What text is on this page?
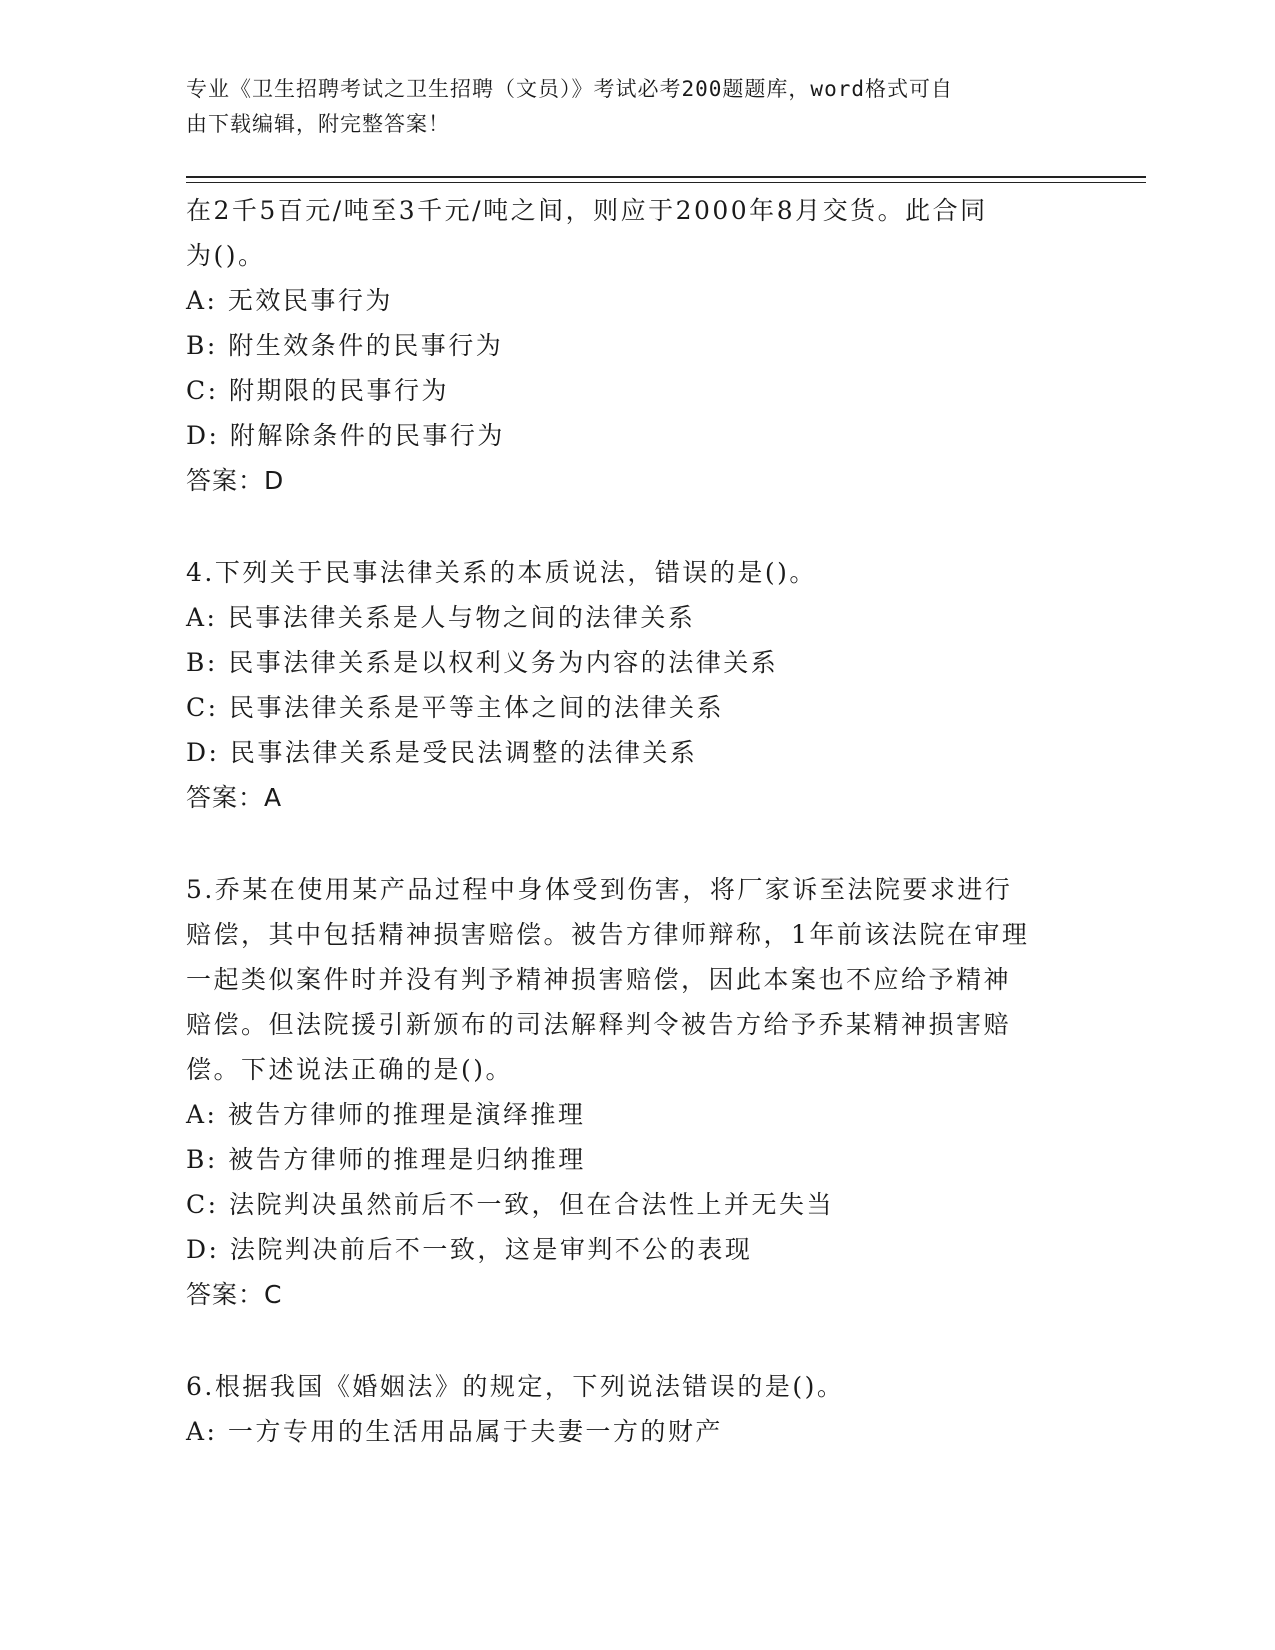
专业《卫生招聘考试之卫生招聘（文员）》考试必考200题题库，word格式可自
由下载编辑，附完整答案！
在2千5百元/吨至3千元/吨之间，则应于2000年8月交货。此合同
为()。
A: 无效民事行为
B: 附生效条件的民事行为
C: 附期限的民事行为
D: 附解除条件的民事行为
答案：D
4.下列关于民事法律关系的本质说法，错误的是()。
A: 民事法律关系是人与物之间的法律关系
B: 民事法律关系是以权利义务为内容的法律关系
C: 民事法律关系是平等主体之间的法律关系
D: 民事法律关系是受民法调整的法律关系
答案：A
5.乔某在使用某产品过程中身体受到伤害，将厂家诉至法院要求进行
赔偿，其中包括精神损害赔偿。被告方律师辩称，1年前该法院在审理
一起类似案件时并没有判予精神损害赔偿，因此本案也不应给予精神
赔偿。但法院援引新颁布的司法解释判令被告方给予乔某精神损害赔
偿。下述说法正确的是()。
A: 被告方律师的推理是演绎推理
B: 被告方律师的推理是归纳推理
C: 法院判决虽然前后不一致，但在合法性上并无失当
D: 法院判决前后不一致，这是审判不公的表现
答案：C
6.根据我国《婚姻法》的规定，下列说法错误的是()。
A: 一方专用的生活用品属于夫妻一方的财产
